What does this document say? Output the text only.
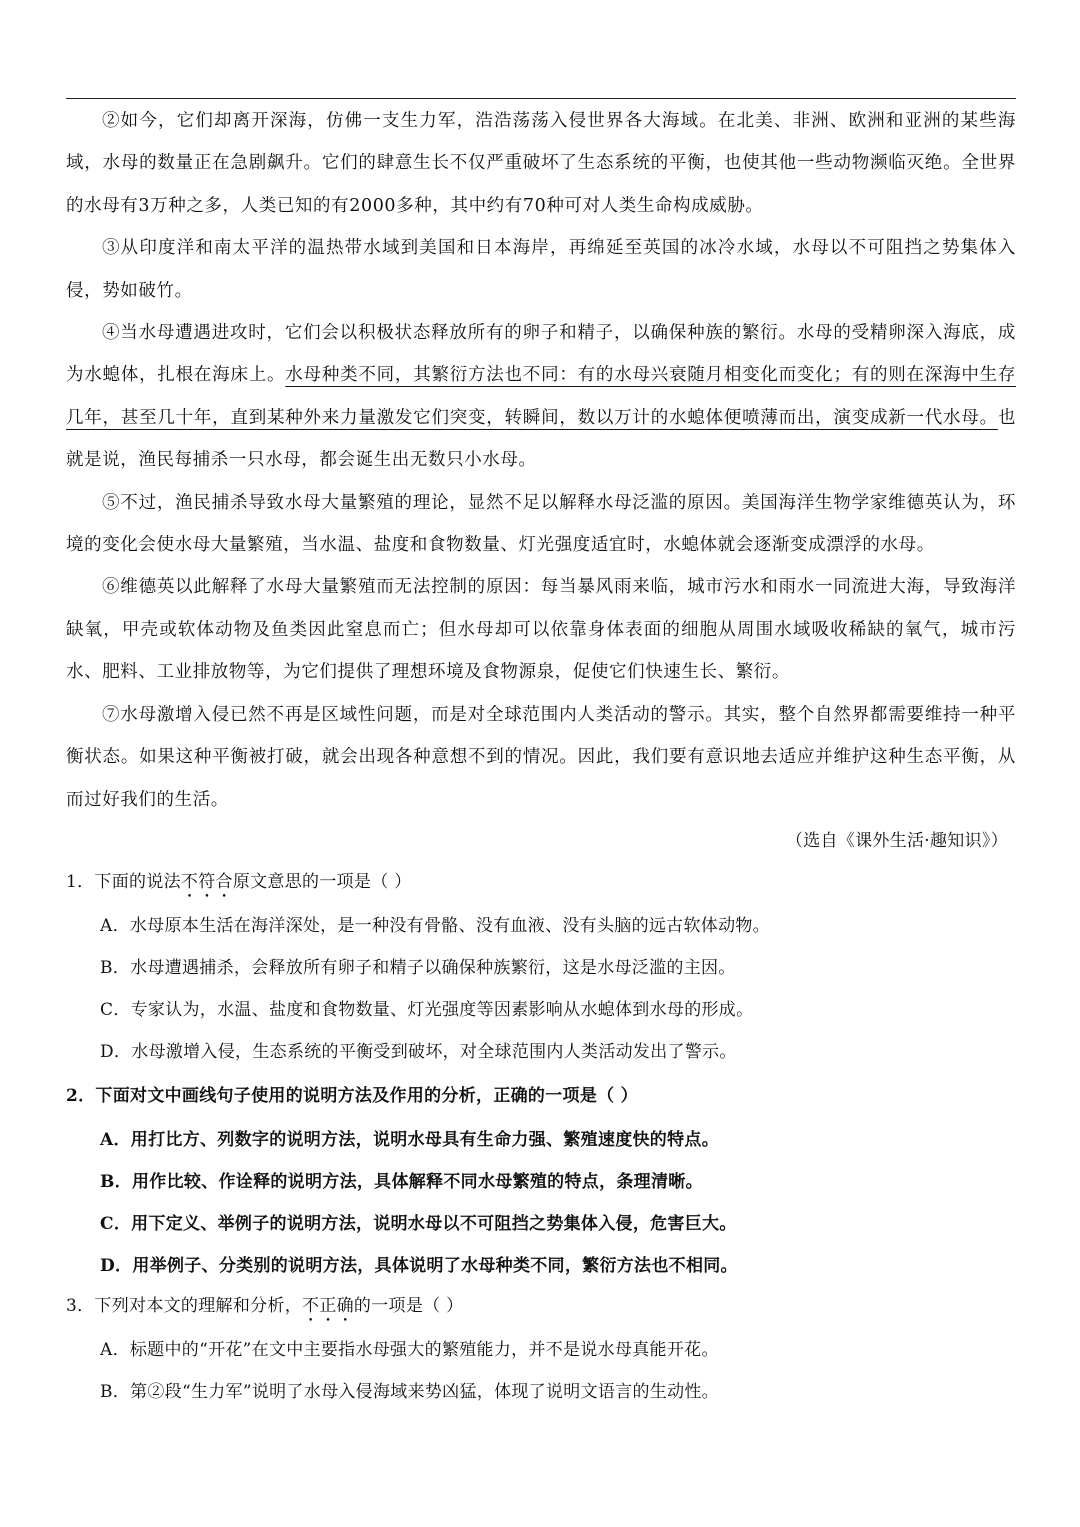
②如今，它们却离开深海，仿佛一支生力军，浩浩荡荡入侵世界各大海域。在北美、非洲、欧洲和亚洲的某些海域，水母的数量正在急剧飙升。它们的肆意生长不仅严重破坏了生态系统的平衡，也使其他一些动物濒临灭绝。全世界的水母有3万种之多，人类已知的有2000多种，其中约有70种可对人类生命构成威胁。

③从印度洋和南太平洋的温热带水域到美国和日本海岸，再绵延至英国的冰冷水域，水母以不可阻挡之势集体入侵，势如破竹。

④当水母遭遇进攻时，它们会以积极状态释放所有的卵子和精子，以确保种族的繁衍。水母的受精卵深入海底，成为水螅体，扎根在海床上。水母种类不同，其繁衍方法也不同：有的水母兴衰随月相变化而变化；有的则在深海中生存几年，甚至几十年，直到某种外来力量激发它们突变，转瞬间，数以万计的水螅体便喷薄而出，演变成新一代水母。也就是说，渔民每捕杀一只水母，都会诞生出无数只小水母。

⑤不过，渔民捕杀导致水母大量繁殖的理论，显然不足以解释水母泛滥的原因。美国海洋生物学家维德英认为，环境的变化会使水母大量繁殖，当水温、盐度和食物数量、灯光强度适宜时，水螅体就会逐渐变成漂浮的水母。

⑥维德英以此解释了水母大量繁殖而无法控制的原因：每当暴风雨来临，城市污水和雨水一同流进大海，导致海洋缺氧，甲壳或软体动物及鱼类因此窒息而亡；但水母却可以依靠身体表面的细胞从周围水域吸收稀缺的氧气，城市污水、肥料、工业排放物等，为它们提供了理想环境及食物源泉，促使它们快速生长、繁衍。

⑦水母激增入侵已然不再是区域性问题，而是对全球范围内人类活动的警示。其实，整个自然界都需要维持一种平衡状态。如果这种平衡被打破，就会出现各种意想不到的情况。因此，我们要有意识地去适应并维护这种生态平衡，从而过好我们的生活。

（选自《课外生活·趣知识》）
1．下面的说法不符合原文意思的一项是（ ）
A．水母原本生活在海洋深处，是一种没有骨骼、没有血液、没有头脑的远古软体动物。
B．水母遭遇捕杀，会释放所有卵子和精子以确保种族繁衍，这是水母泛滥的主因。
C．专家认为，水温、盐度和食物数量、灯光强度等因素影响从水螅体到水母的形成。
D．水母激增入侵，生态系统的平衡受到破坏，对全球范围内人类活动发出了警示。
2．下面对文中画线句子使用的说明方法及作用的分析，正确的一项是（ ）
A．用打比方、列数字的说明方法，说明水母具有生命力强、繁殖速度快的特点。
B．用作比较、作诠释的说明方法，具体解释不同水母繁殖的特点，条理清晰。
C．用下定义、举例子的说明方法，说明水母以不可阻挡之势集体入侵，危害巨大。
D．用举例子、分类别的说明方法，具体说明了水母种类不同，繁衍方法也不相同。
3．下列对本文的理解和分析，不正确的一项是（ ）
A．标题中的“开花”在文中主要指水母强大的繁殖能力，并不是说水母真能开花。
B．第②段“生力军”说明了水母入侵海域来势凶猛，体现了说明文语言的生动性。
